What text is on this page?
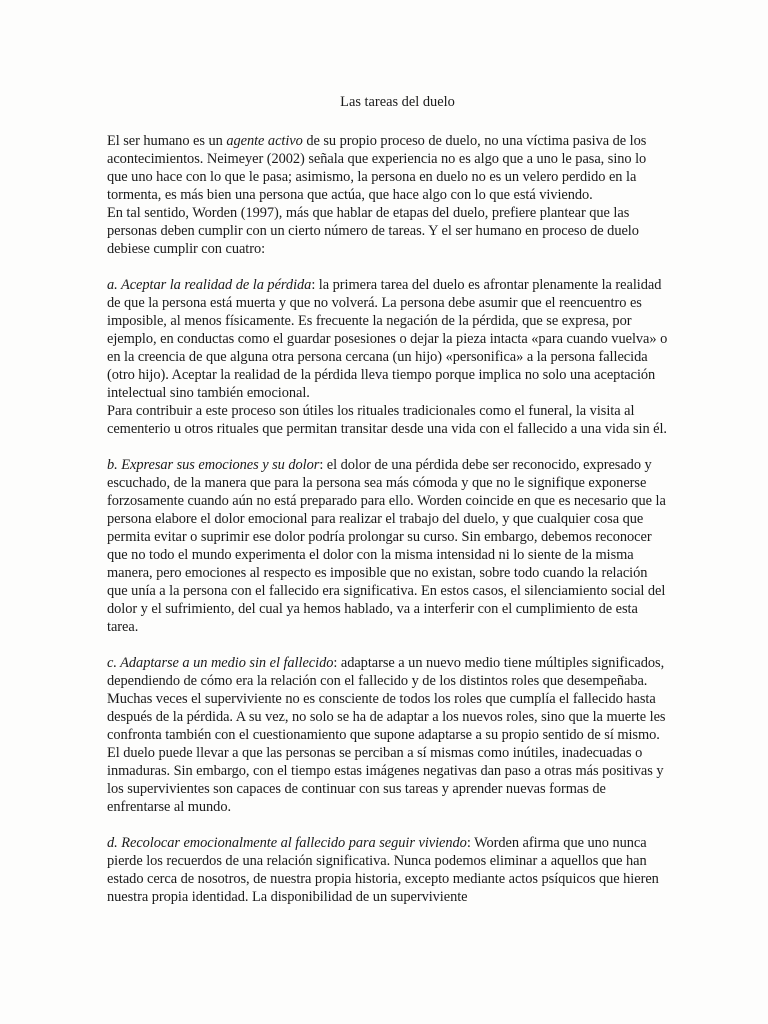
Las tareas del duelo

El ser humano es un agente activo de su propio proceso de duelo, no una víctima pasiva de los acontecimientos. Neimeyer (2002) señala que experiencia no es algo que a uno le pasa, sino lo que uno hace con lo que le pasa; asimismo, la persona en duelo no es un velero perdido en la tormenta, es más bien una persona que actúa, que hace algo con lo que está viviendo.

En tal sentido, Worden (1997), más que hablar de etapas del duelo, prefiere plantear que las personas deben cumplir con un cierto número de tareas. Y el ser humano en proceso de duelo debiese cumplir con cuatro:

a. Aceptar la realidad de la pérdida: la primera tarea del duelo es afrontar plenamente la realidad de que la persona está muerta y que no volverá. La persona debe asumir que el reencuentro es imposible, al menos físicamente. Es frecuente la negación de la pérdida, que se expresa, por ejemplo, en conductas como el guardar posesiones o dejar la pieza intacta «para cuando vuelva» o en la creencia de que alguna otra persona cercana (un hijo) «personifica» a la persona fallecida (otro hijo). Aceptar la realidad de la pérdida lleva tiempo porque implica no solo una aceptación intelectual sino también emocional.

Para contribuir a este proceso son útiles los rituales tradicionales como el funeral, la visita al cementerio u otros rituales que permitan transitar desde una vida con el fallecido a una vida sin él.

b. Expresar sus emociones y su dolor: el dolor de una pérdida debe ser reconocido, expresado y escuchado, de la manera que para la persona sea más cómoda y que no le signifique exponerse forzosamente cuando aún no está preparado para ello. Worden coincide en que es necesario que la persona elabore el dolor emocional para realizar el trabajo del duelo, y que cualquier cosa que permita evitar o suprimir ese dolor podría prolongar su curso. Sin embargo, debemos reconocer que no todo el mundo experimenta el dolor con la misma intensidad ni lo siente de la misma manera, pero emociones al respecto es imposible que no existan, sobre todo cuando la relación que unía a la persona con el fallecido era significativa. En estos casos, el silenciamiento social del dolor y el sufrimiento, del cual ya hemos hablado, va a interferir con el cumplimiento de esta tarea.

c. Adaptarse a un medio sin el fallecido: adaptarse a un nuevo medio tiene múltiples significados, dependiendo de cómo era la relación con el fallecido y de los distintos roles que desempeñaba. Muchas veces el superviviente no es consciente de todos los roles que cumplía el fallecido hasta después de la pérdida. A su vez, no solo se ha de adaptar a los nuevos roles, sino que la muerte les confronta también con el cuestionamiento que supone adaptarse a su propio sentido de sí mismo. El duelo puede llevar a que las personas se perciban a sí mismas como inútiles, inadecuadas o inmaduras. Sin embargo, con el tiempo estas imágenes negativas dan paso a otras más positivas y los supervivientes son capaces de continuar con sus tareas y aprender nuevas formas de enfrentarse al mundo.

d. Recolocar emocionalmente al fallecido para seguir viviendo: Worden afirma que uno nunca pierde los recuerdos de una relación significativa. Nunca podemos eliminar a aquellos que han estado cerca de nosotros, de nuestra propia historia, excepto mediante actos psíquicos que hieren nuestra propia identidad. La disponibilidad de un superviviente
